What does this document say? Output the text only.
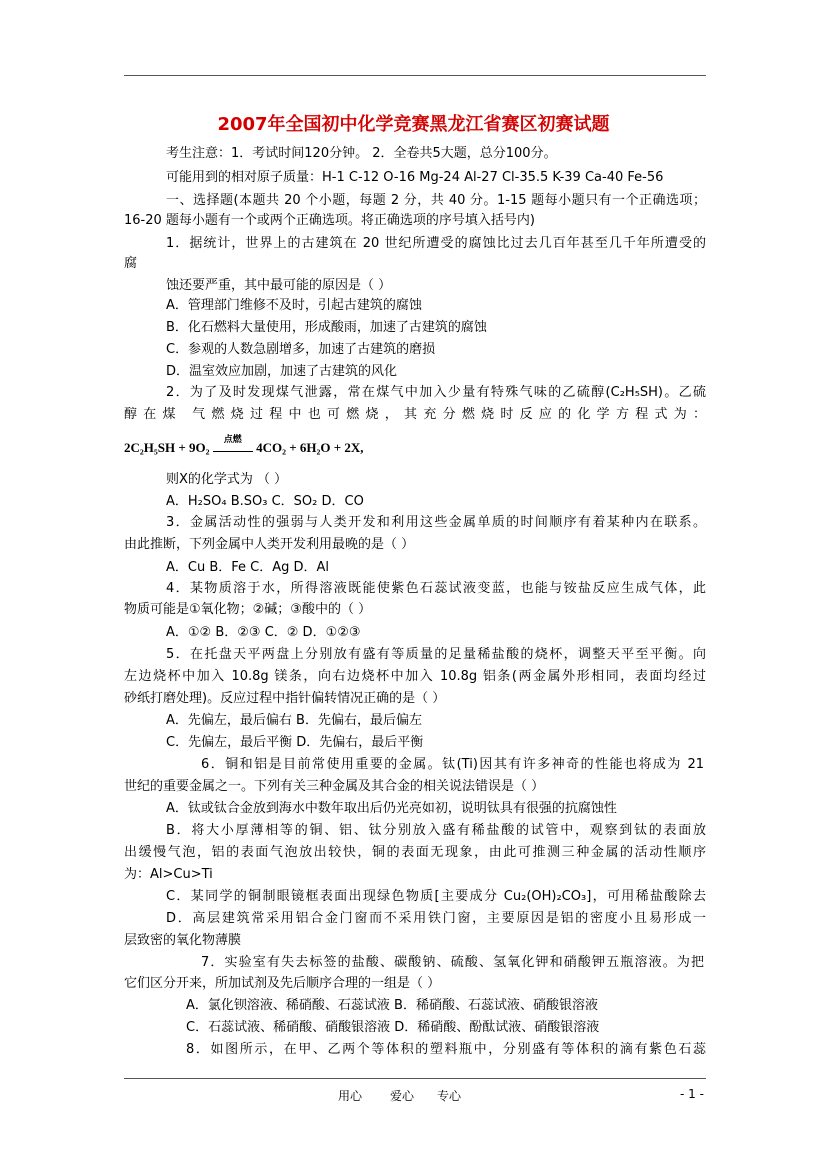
2007年全国初中化学竞赛黑龙江省赛区初赛试题
考生注意：1．考试时间120分钟。 2．全卷共5大题，总分100分。
可能用到的相对原子质量：H-1 C-12 O-16 Mg-24 Al-27 Cl-35.5 K-39 Ca-40 Fe-56
一、选择题(本题共 20 个小题，每题 2 分，共 40 分。1-15 题每小题只有一个正确选项；
16-20 题每小题有一个或两个正确选项。将正确选项的序号填入括号内)
1．据统计，世界上的古建筑在 20 世纪所遭受的腐蚀比过去几百年甚至几千年所遭受的
腐
蚀还要严重，其中最可能的原因是（ ）
A．管理部门维修不及时，引起古建筑的腐蚀
B．化石燃料大量使用，形成酸雨，加速了古建筑的腐蚀
C．参观的人数急剧增多，加速了古建筑的磨损
D．温室效应加剧，加速了古建筑的风化
2．为了及时发现煤气泄露，常在煤气中加入少量有特殊气味的乙硫醇(C₂H₅SH)。乙硫
醇在煤 气燃烧过程中也可燃烧，其充分燃烧时反应的化学方程式为：
则X的化学式为 （ ）
A．H₂SO₄ B.SO₃ C．SO₂ D．CO
3．金属活动性的强弱与人类开发和利用这些金属单质的时间顺序有着某种内在联系。
由此推断，下列金属中人类开发利用最晚的是（ ）
A．Cu B．Fe C．Ag D．Al
4．某物质溶于水，所得溶液既能使紫色石蕊试液变蓝，也能与铵盐反应生成气体，此
物质可能是①氧化物；②碱；③酸中的（ ）
A．①② B．②③ C．② D．①②③
5．在托盘天平两盘上分别放有盛有等质量的足量稀盐酸的烧杯，调整天平至平衡。向
左边烧杯中加入 10.8g 镁条，向右边烧杯中加入 10.8g 铝条(两金属外形相同，表面均经过
砂纸打磨处理)。反应过程中指针偏转情况正确的是（ ）
A．先偏左，最后偏右 B．先偏右，最后偏左
C．先偏左，最后平衡 D．先偏右，最后平衡
6．铜和铝是目前常使用重要的金属。钛(Ti)因其有许多神奇的性能也将成为 21
世纪的重要金属之一。下列有关三种金属及其合金的相关说法错误是（ ）
A．钛或钛合金放到海水中数年取出后仍光亮如初，说明钛具有很强的抗腐蚀性
B．将大小厚薄相等的铜、铝、钛分别放入盛有稀盐酸的试管中，观察到钛的表面放
出缓慢气泡，铝的表面气泡放出较快，铜的表面无现象，由此可推测三种金属的活动性顺序
为：Al>Cu>Ti
C．某同学的铜制眼镜框表面出现绿色物质[主要成分 Cu₂(OH)₂CO₃]，可用稀盐酸除去
D．高层建筑常采用铝合金门窗而不采用铁门窗，主要原因是铝的密度小且易形成一
层致密的氧化物薄膜
7．实验室有失去标签的盐酸、碳酸钠、硫酸、氢氧化钾和硝酸钾五瓶溶液。为把
它们区分开来，所加试剂及先后顺序合理的一组是（ ）
A．氯化钡溶液、稀硝酸、石蕊试液 B．稀硝酸、石蕊试液、硝酸银溶液
C．石蕊试液、稀硝酸、硝酸银溶液 D．稀硝酸、酚酞试液、硝酸银溶液
8．如图所示，在甲、乙两个等体积的塑料瓶中，分别盛有等体积的滴有紫色石蕊
2C₂H₅SH + 9O₂	点燃	4CO₂ + 6H₂O + 2X,
用心 爱心 专心	- 1 -
